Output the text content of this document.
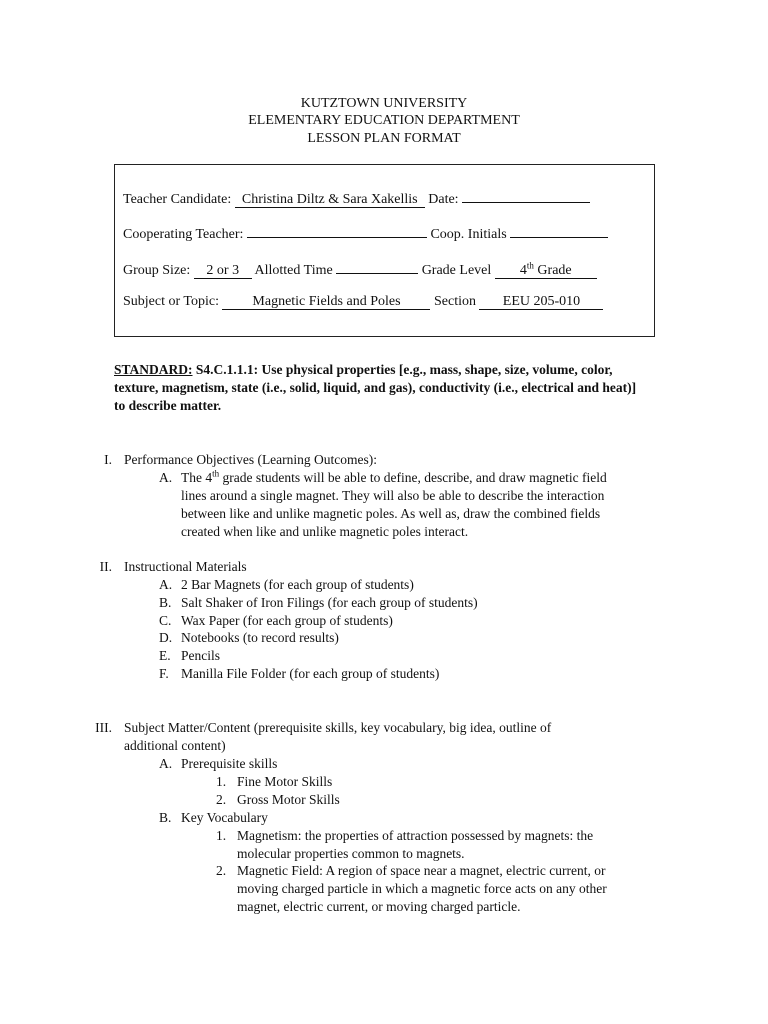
KUTZTOWN UNIVERSITY
ELEMENTARY EDUCATION DEPARTMENT
LESSON PLAN FORMAT
Teacher Candidate: Christina Diltz & Sara Xakellis Date:
Cooperating Teacher:	Coop. Initials
Group Size: 2 or 3 Allotted Time	Grade Level 4th Grade
Subject or Topic: Magnetic Fields and Poles Section EEU 205-010
STANDARD: S4.C.1.1.1: Use physical properties [e.g., mass, shape, size, volume, color, texture, magnetism, state (i.e., solid, liquid, and gas), conductivity (i.e., electrical and heat)] to describe matter.
I. Performance Objectives (Learning Outcomes):
A. The 4th grade students will be able to define, describe, and draw magnetic field
lines around a single magnet. They will also be able to describe the interaction
between like and unlike magnetic poles. As well as, draw the combined fields
created when like and unlike magnetic poles interact.
II. Instructional Materials
A. 2 Bar Magnets (for each group of students)
B. Salt Shaker of Iron Filings (for each group of students)
C. Wax Paper (for each group of students)
D. Notebooks (to record results)
E. Pencils
F. Manilla File Folder (for each group of students)
III. Subject Matter/Content (prerequisite skills, key vocabulary, big idea, outline of
additional content)
A. Prerequisite skills
1. Fine Motor Skills
2. Gross Motor Skills
B. Key Vocabulary
1. Magnetism: the properties of attraction possessed by magnets: the
molecular properties common to magnets.
2. Magnetic Field: A region of space near a magnet, electric current, or
moving charged particle in which a magnetic force acts on any other
magnet, electric current, or moving charged particle.
